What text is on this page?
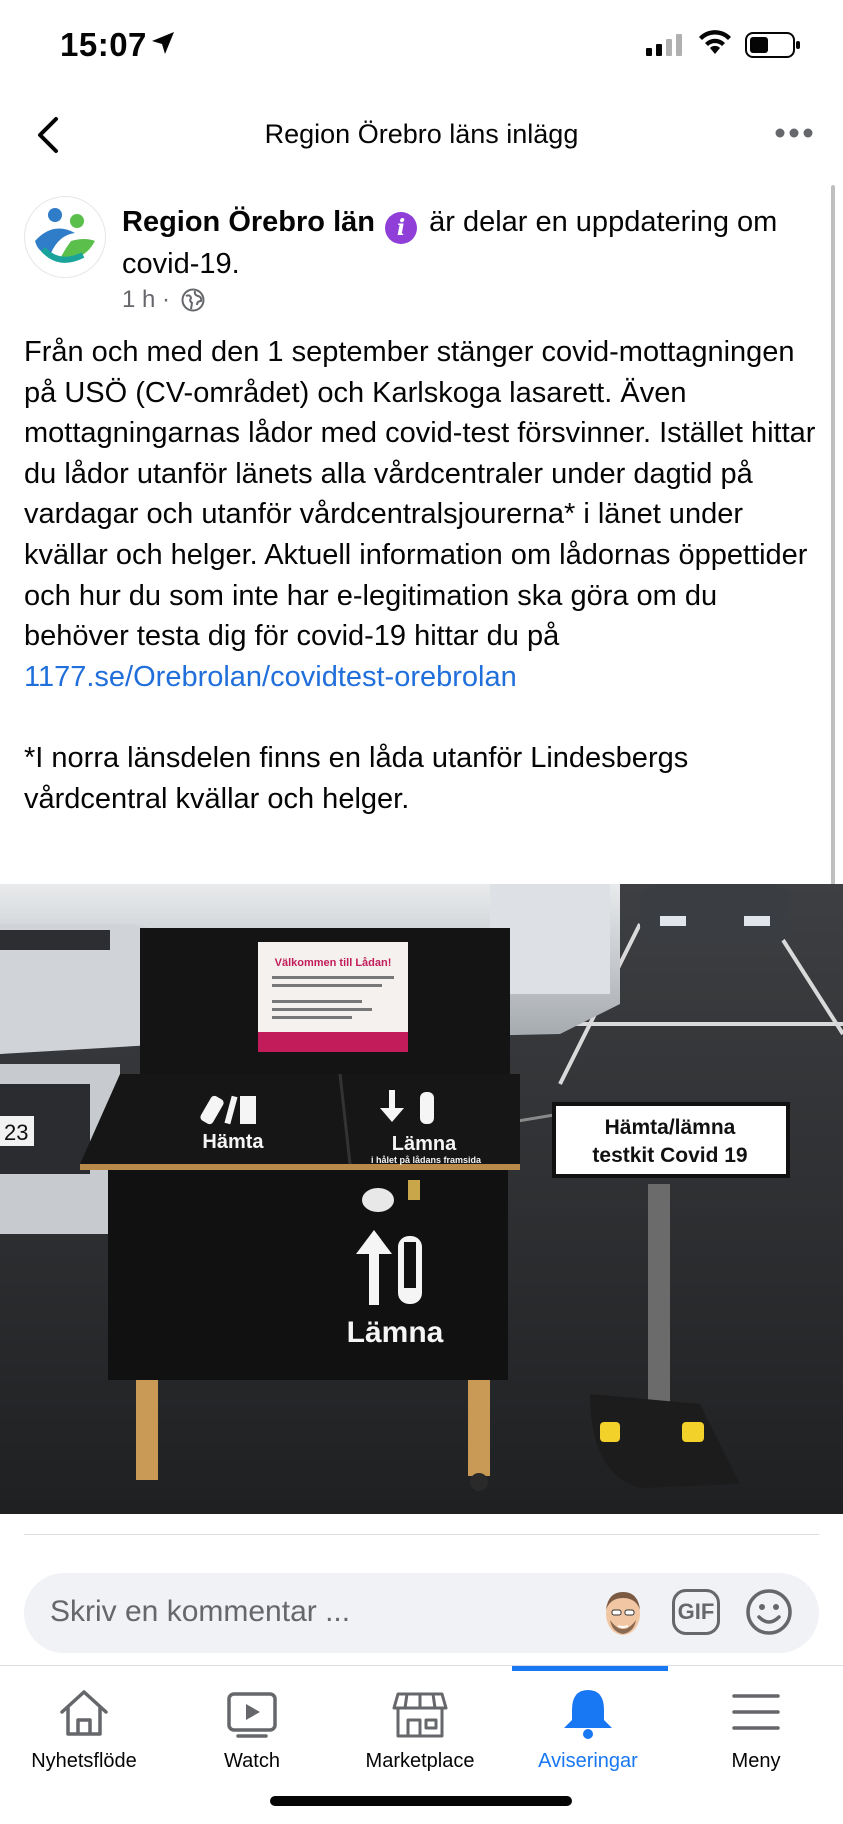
15:07
Region Örebro läns inlägg
Region Örebro län i är delar en uppdatering om covid-19.
1 h ·

Från och med den 1 september stänger covid-mottagningen på USÖ (CV-området) och Karlskoga lasarett. Även mottagningarnas lådor med covid-test försvinner. Istället hittar du lådor utanför länets alla vårdcentraler under dagtid på vardagar och utanför vårdcentralsjourerna* i länet under kvällar och helger. Aktuell information om lådornas öppettider och hur du som inte har e-legitimation ska göra om du behöver testa dig för covid-19 hittar du på 1177.se/Orebrolan/covidtest-orebrolan

*I norra länsdelen finns en låda utanför Lindesbergs vårdcentral kvällar och helger.

23
Välkommen till Lådan!
Hämta	Lämna
i hålet på lådans framsida
Lämna
Hämta/lämna
testkit Covid 19
Skriv en kommentar ...	GIF
Nyhetsflöde	Watch	Marketplace	Aviseringar	Meny
